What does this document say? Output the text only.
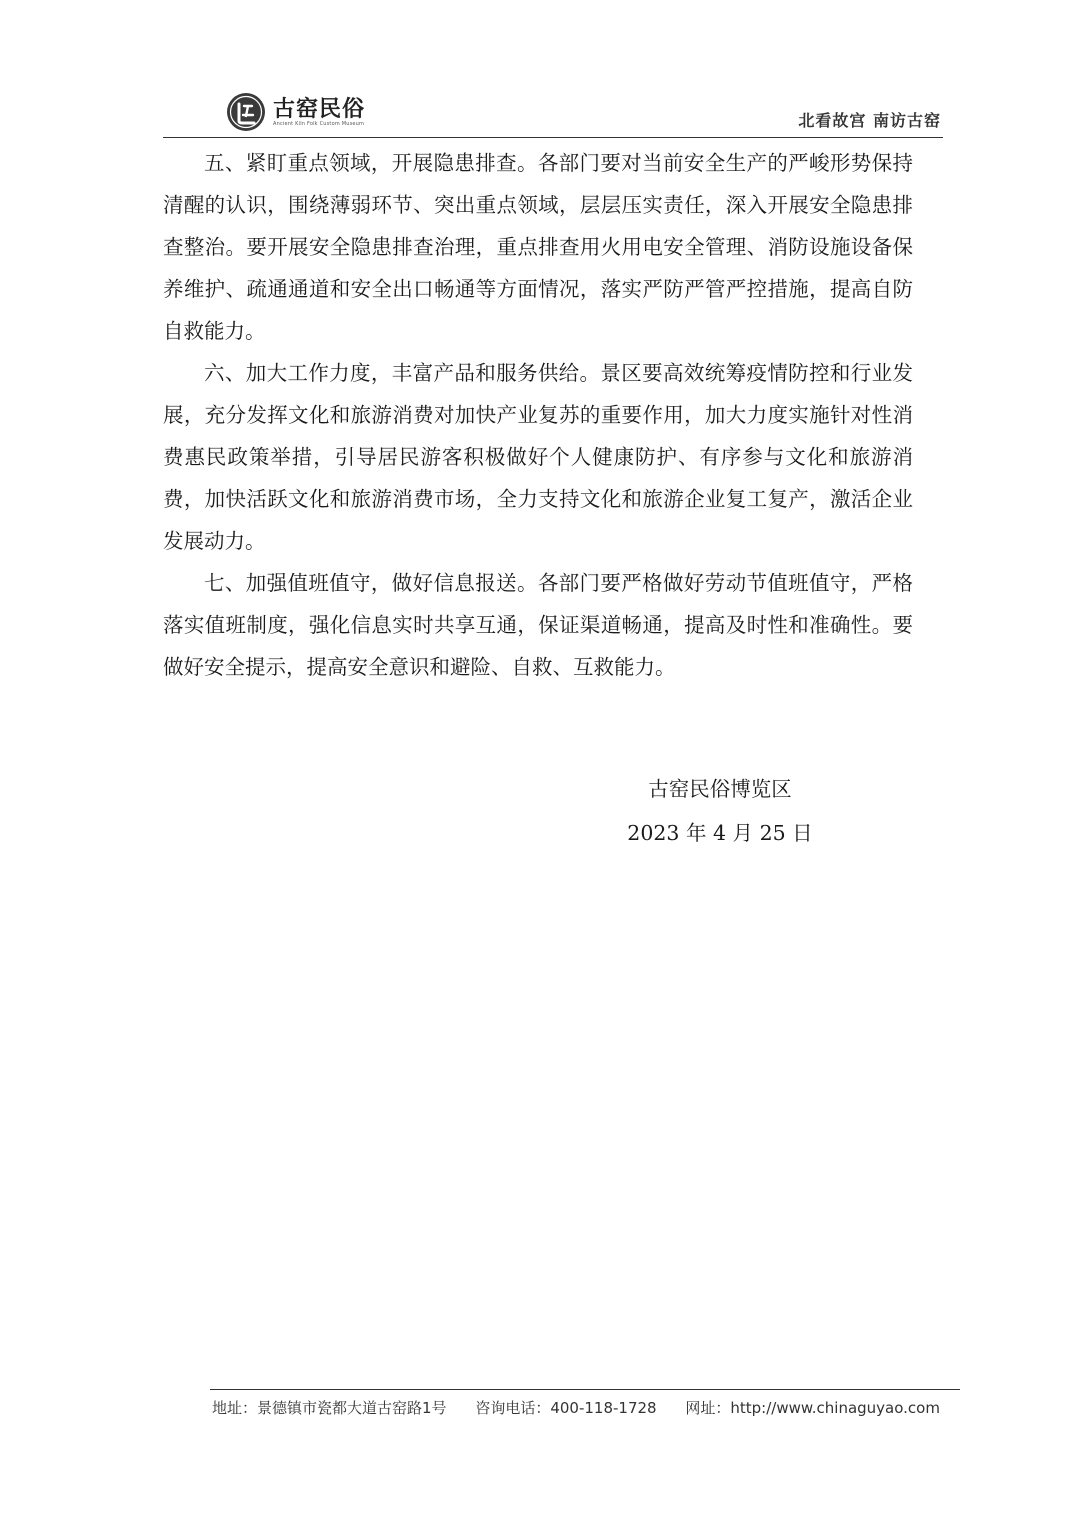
古窑民俗
Ancient Kiln Folk Custom Museum	北看故宫 南访古窑

五、紧盯重点领域，开展隐患排查。各部门要对当前安全生产的严峻形势保持清醒的认识，围绕薄弱环节、突出重点领域，层层压实责任，深入开展安全隐患排查整治。要开展安全隐患排查治理，重点排查用火用电安全管理、消防设施设备保养维护、疏通通道和安全出口畅通等方面情况，落实严防严管严控措施，提高自防自救能力。

六、加大工作力度，丰富产品和服务供给。景区要高效统筹疫情防控和行业发展，充分发挥文化和旅游消费对加快产业复苏的重要作用，加大力度实施针对性消费惠民政策举措，引导居民游客积极做好个人健康防护、有序参与文化和旅游消费，加快活跃文化和旅游消费市场，全力支持文化和旅游企业复工复产，激活企业发展动力。

七、加强值班值守，做好信息报送。各部门要严格做好劳动节值班值守，严格落实值班制度，强化信息实时共享互通，保证渠道畅通，提高及时性和准确性。要做好安全提示，提高安全意识和避险、自救、互救能力。

古窑民俗博览区
2023 年 4 月 25 日
地址：景德镇市瓷都大道古窑路1号 咨询电话：400-118-1728 网址：http://www.chinaguyao.com
